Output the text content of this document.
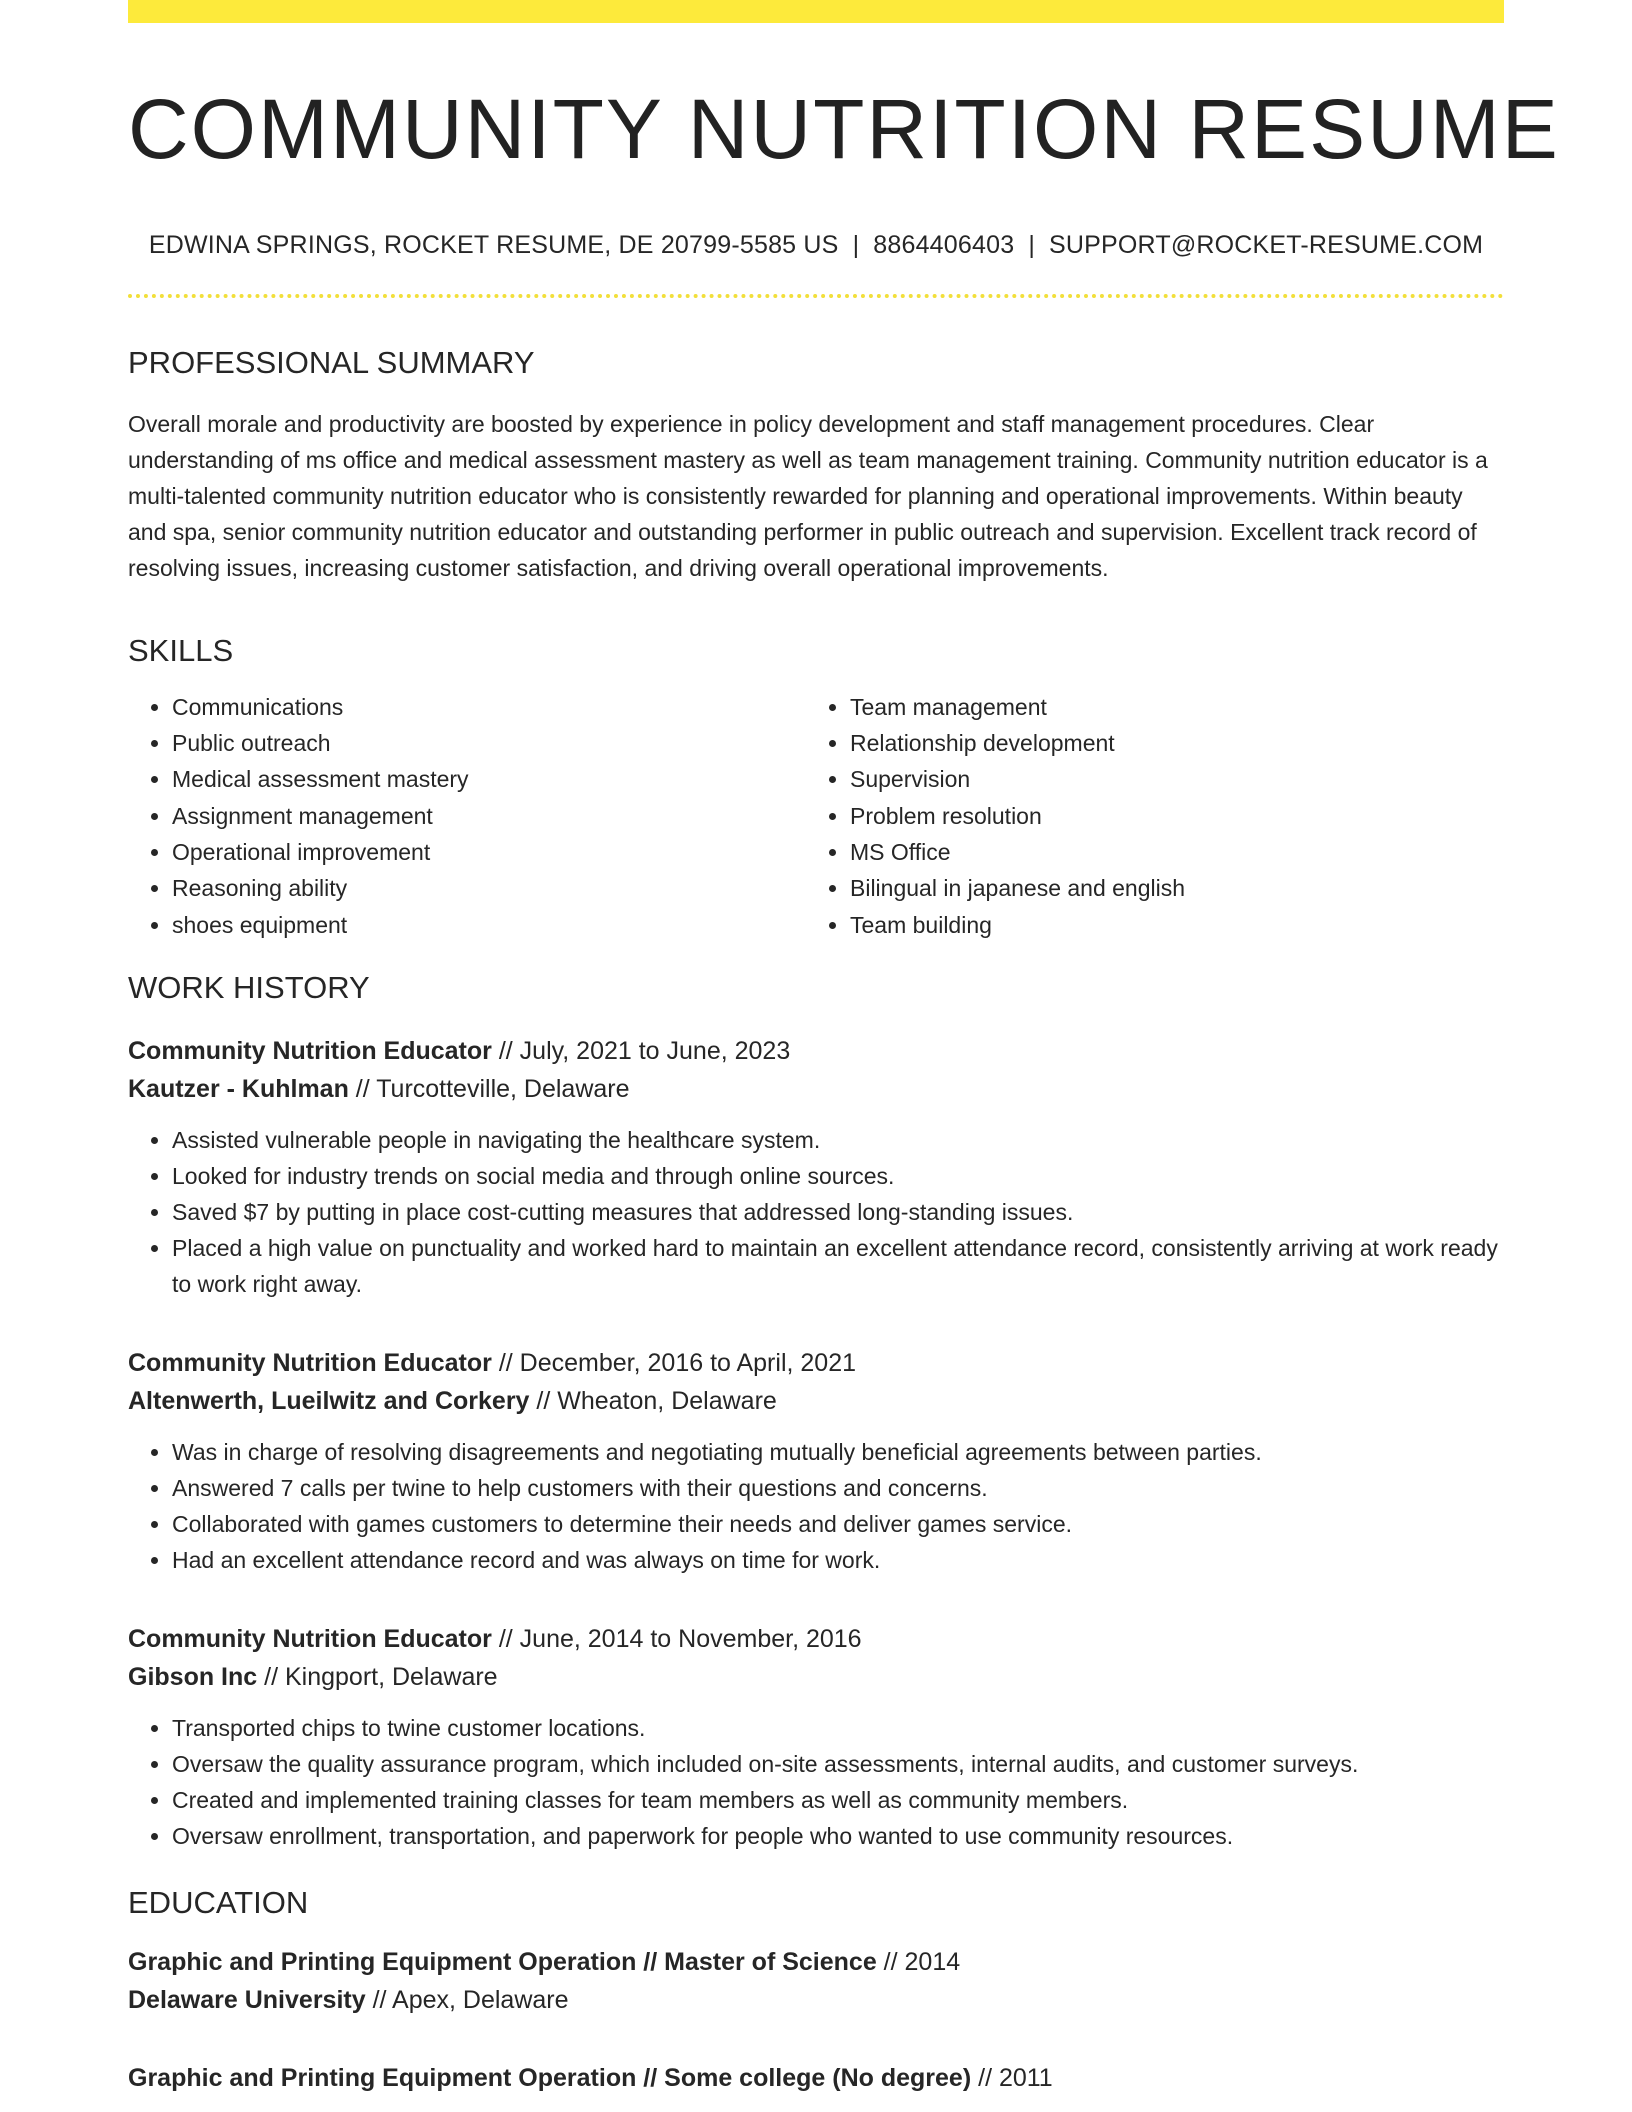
COMMUNITY NUTRITION RESUME
EDWINA SPRINGS, ROCKET RESUME, DE 20799-5585 US | 8864406403 | SUPPORT@ROCKET-RESUME.COM
PROFESSIONAL SUMMARY

Overall morale and productivity are boosted by experience in policy development and staff management procedures. Clear understanding of ms office and medical assessment mastery as well as team management training. Community nutrition educator is a multi-talented community nutrition educator who is consistently rewarded for planning and operational improvements. Within beauty and spa, senior community nutrition educator and outstanding performer in public outreach and supervision. Excellent track record of resolving issues, increasing customer satisfaction, and driving overall operational improvements.

SKILLS
• Communications
• Public outreach
• Medical assessment mastery
• Assignment management
• Operational improvement
• Reasoning ability
• shoes equipment
• Team management
• Relationship development
• Supervision
• Problem resolution
• MS Office
• Bilingual in japanese and english
• Team building
WORK HISTORY
Community Nutrition Educator // July, 2021 to June, 2023
Kautzer - Kuhlman // Turcotteville, Delaware
• Assisted vulnerable people in navigating the healthcare system.
• Looked for industry trends on social media and through online sources.
• Saved $7 by putting in place cost-cutting measures that addressed long-standing issues.
• Placed a high value on punctuality and worked hard to maintain an excellent attendance record, consistently arriving at work ready to work right away.
Community Nutrition Educator // December, 2016 to April, 2021
Altenwerth, Lueilwitz and Corkery // Wheaton, Delaware
• Was in charge of resolving disagreements and negotiating mutually beneficial agreements between parties.
• Answered 7 calls per twine to help customers with their questions and concerns.
• Collaborated with games customers to determine their needs and deliver games service.
• Had an excellent attendance record and was always on time for work.
Community Nutrition Educator // June, 2014 to November, 2016
Gibson Inc // Kingport, Delaware
• Transported chips to twine customer locations.
• Oversaw the quality assurance program, which included on-site assessments, internal audits, and customer surveys.
• Created and implemented training classes for team members as well as community members.
• Oversaw enrollment, transportation, and paperwork for people who wanted to use community resources.
EDUCATION
Graphic and Printing Equipment Operation // Master of Science // 2014
Delaware University // Apex, Delaware
Graphic and Printing Equipment Operation // Some college (No degree) // 2011
